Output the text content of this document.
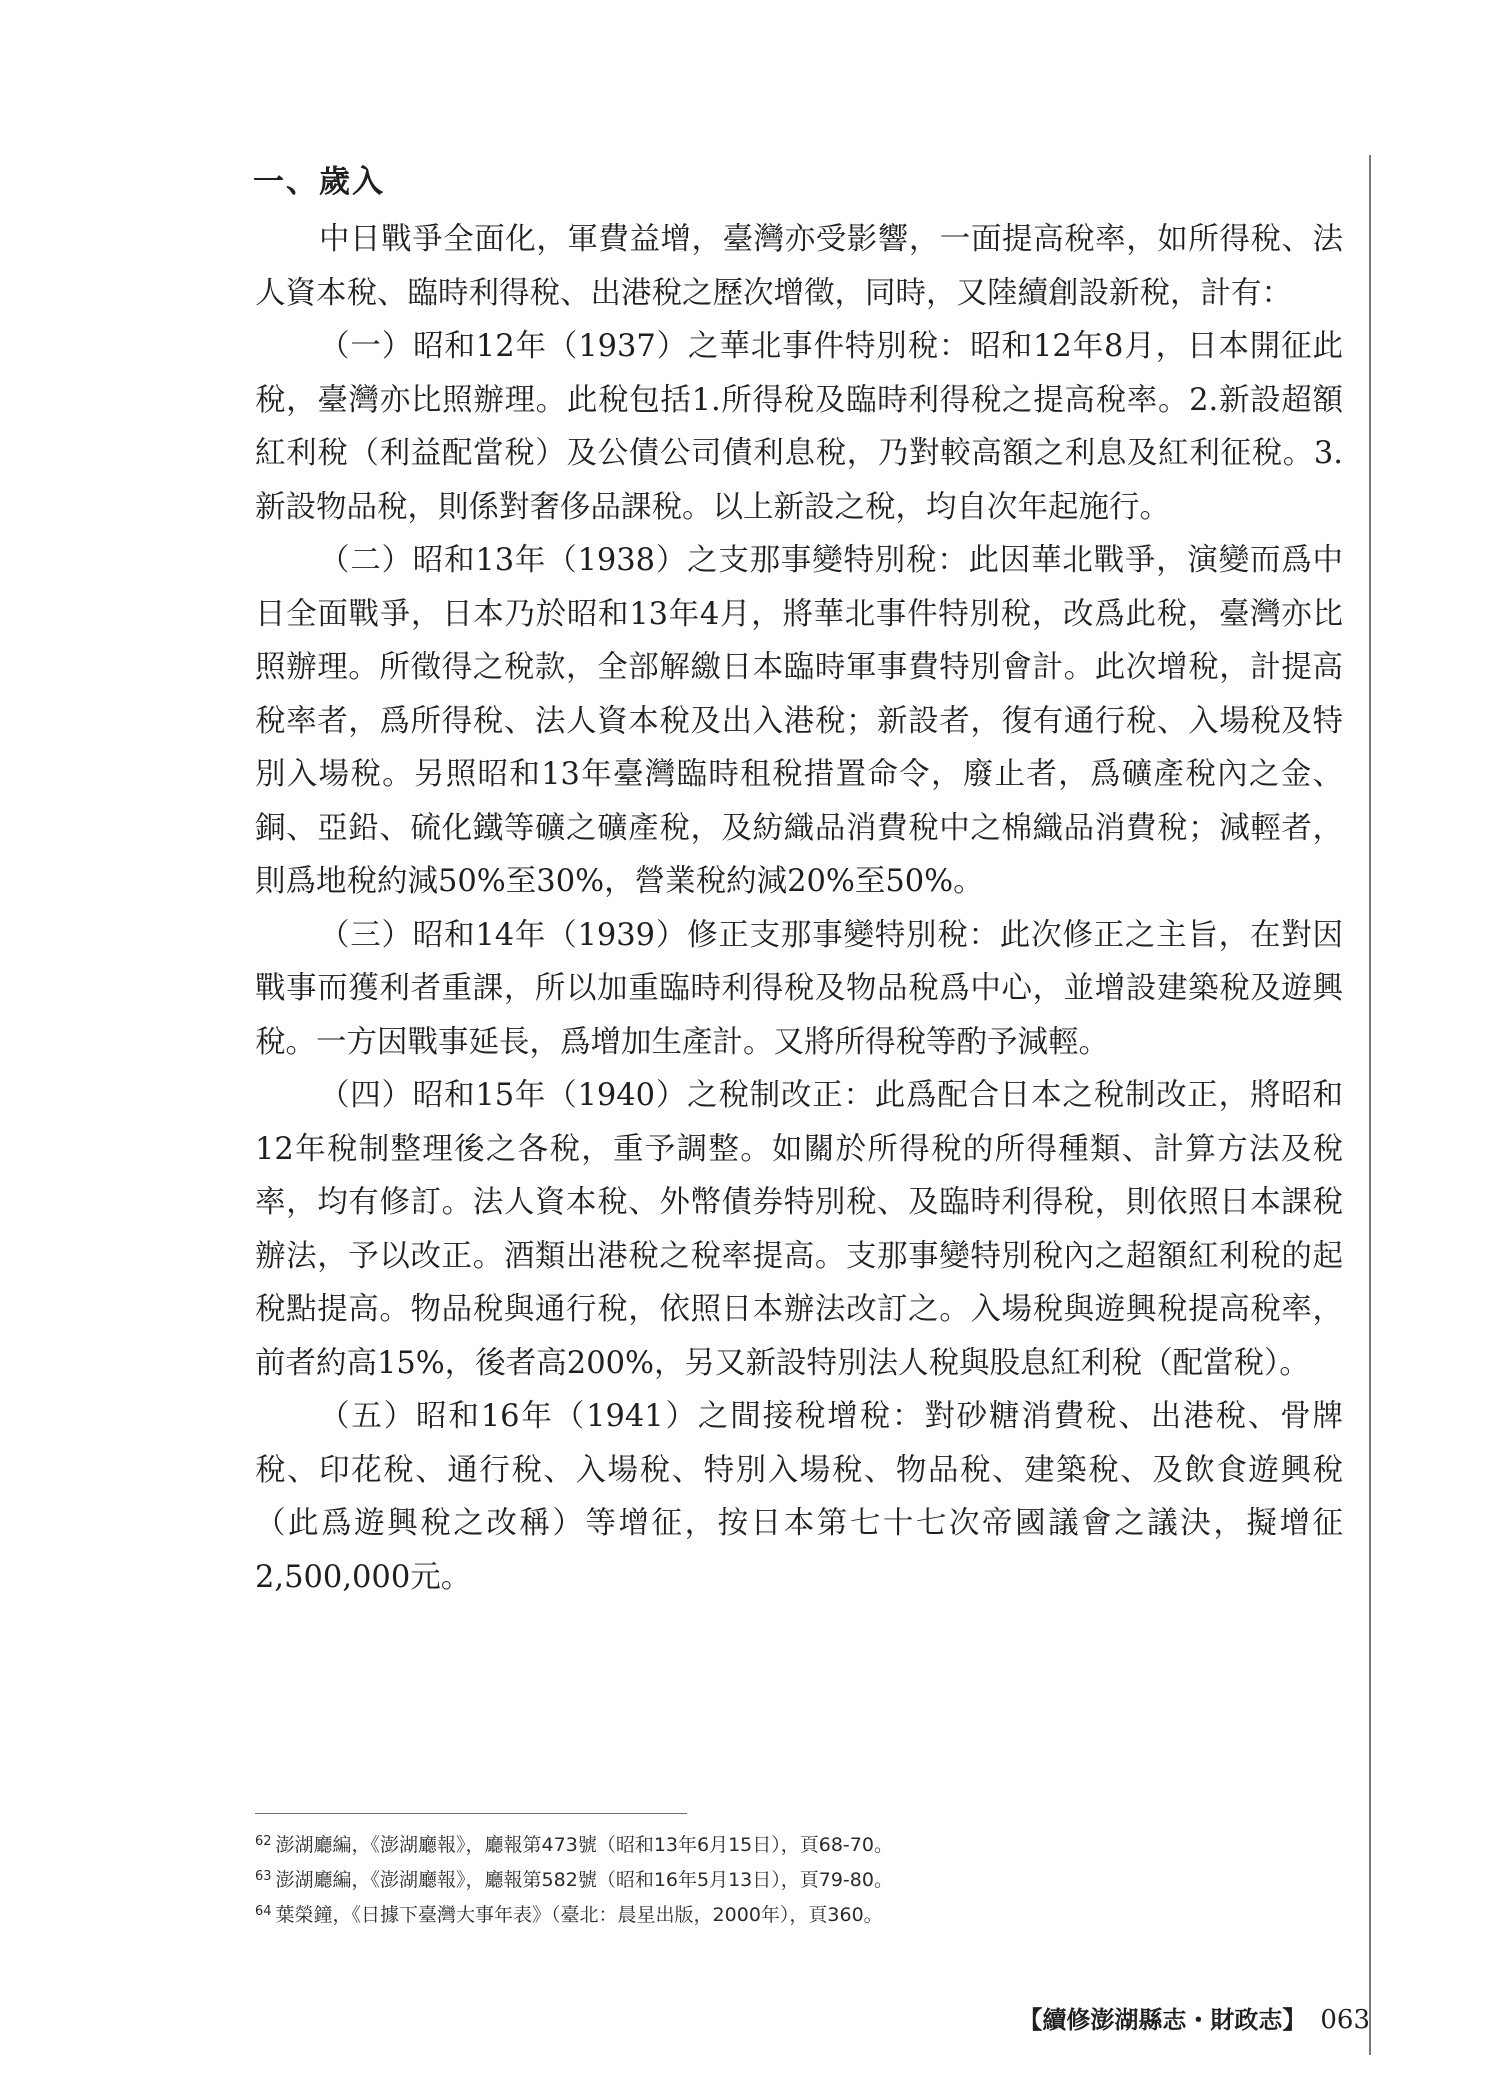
一、歲入

中日戰爭全面化，軍費益增，臺灣亦受影響，一面提高稅率，如所得稅、法人資本稅、臨時利得稅、出港稅之歷次增徵，同時，又陸續創設新稅，計有：

（一）昭和12年（1937）之華北事件特別稅：昭和12年8月，日本開征此稅，臺灣亦比照辦理。此稅包括1.所得稅及臨時利得稅之提高稅率。2.新設超額紅利稅（利益配當稅）及公債公司債利息稅，乃對較高額之利息及紅利征稅。3.新設物品稅，則係對奢侈品課稅。以上新設之稅，均自次年起施行。

（二）昭和13年（1938）之支那事變特別稅：此因華北戰爭，演變而爲中日全面戰爭，日本乃於昭和13年4月，將華北事件特別稅，改爲此稅，臺灣亦比照辦理。所徵得之稅款，全部解繳日本臨時軍事費特別會計。此次增稅，計提高稅率者，爲所得稅、法人資本稅及出入港稅；新設者，復有通行稅、入場稅及特別入場稅。另照昭和13年臺灣臨時租稅措置命令，廢止者，爲礦產稅內之金、銅、亞鉛、硫化鐵等礦之礦產稅，及紡織品消費稅中之棉織品消費稅；減輕者，則爲地稅約減50%至30%，營業稅約減20%至50%。

（三）昭和14年（1939）修正支那事變特別稅：此次修正之主旨，在對因戰事而獲利者重課，所以加重臨時利得稅及物品稅爲中心，並增設建築稅及遊興稅。一方因戰事延長，爲增加生產計。又將所得稅等酌予減輕。

（四）昭和15年（1940）之稅制改正：此爲配合日本之稅制改正，將昭和12年稅制整理後之各稅，重予調整。如關於所得稅的所得種類、計算方法及稅率，均有修訂。法人資本稅、外幣債券特別稅、及臨時利得稅，則依照日本課稅辦法，予以改正。酒類出港稅之稅率提高。支那事變特別稅內之超額紅利稅的起稅點提高。物品稅與通行稅，依照日本辦法改訂之。入場稅與遊興稅提高稅率，前者約高15%，後者高200%，另又新設特別法人稅與股息紅利稅（配當稅）。

（五）昭和16年（1941）之間接稅增稅：對砂糖消費稅、出港稅、骨牌稅、印花稅、通行稅、入場稅、特別入場稅、物品稅、建築稅、及飲食遊興稅（此爲遊興稅之改稱）等增征，按日本第七十七次帝國議會之議決，擬增征2,500,000元。

$^{62}$ 澎湖廳編，《澎湖廳報》，廳報第473號（昭和13年6月15日），頁68-70。

$^{63}$ 澎湖廳編，《澎湖廳報》，廳報第582號（昭和16年5月13日），頁79-80。

$^{64}$ 葉榮鐘，《日據下臺灣大事年表》（臺北：晨星出版，2000年），頁360。

【續修澎湖縣志・財政志】 063
